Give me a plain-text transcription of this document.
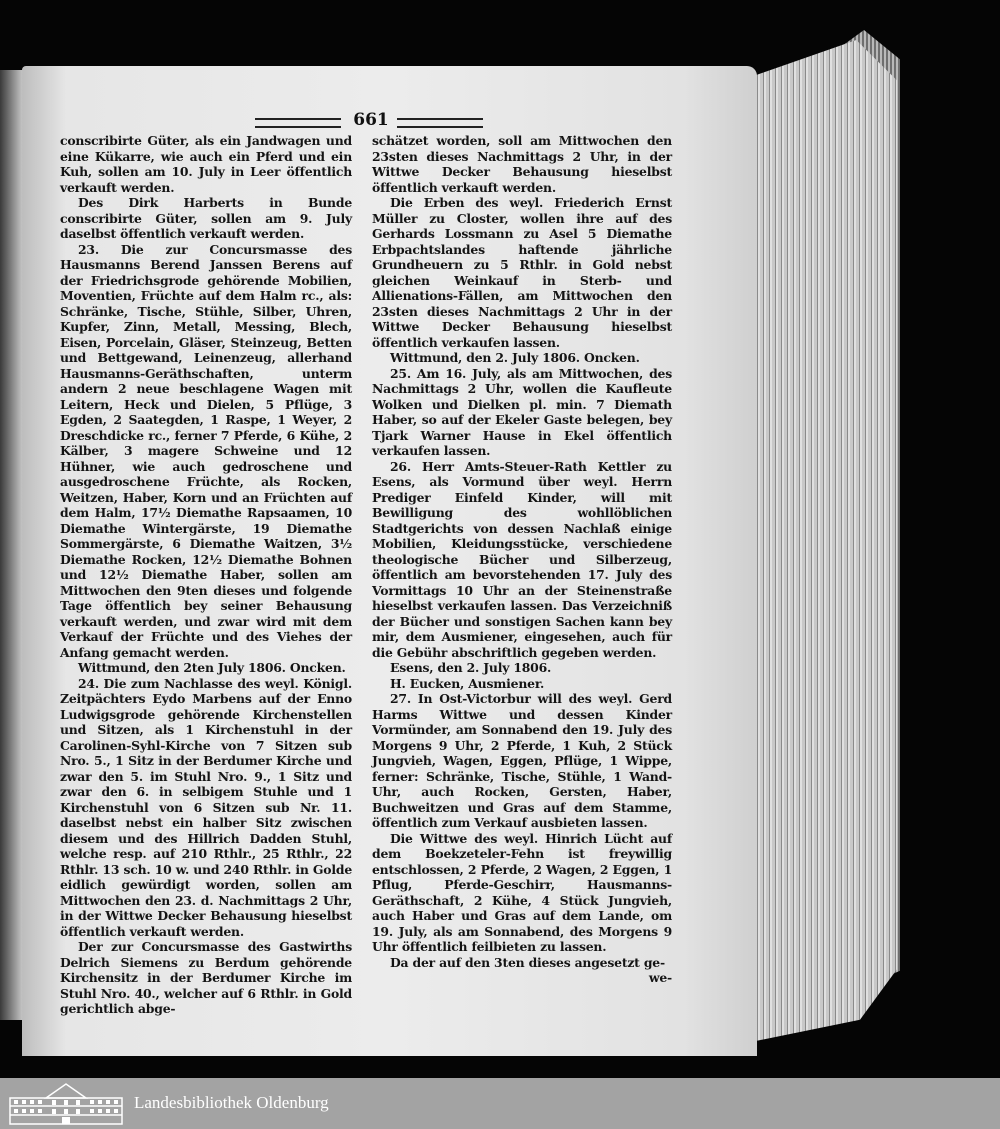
661

conscribirte Güter, als ein Jandwagen und eine Kükarre, wie auch ein Pferd und ein Kuh, sollen am 10. July in Leer öffentlich verkauft werden.

Des Dirk Harberts in Bunde conscribirte Güter, sollen am 9. July daselbst öffentlich verkauft werden.

23. Die zur Concursmasse des Hausmanns Berend Janssen Berens auf der Friedrichsgrode gehörende Mobilien, Moventien, Früchte auf dem Halm rc., als: Schränke, Tische, Stühle, Silber, Uhren, Kupfer, Zinn, Metall, Messing, Blech, Eisen, Porcelain, Gläser, Steinzeug, Betten und Bettgewand, Leinenzeug, allerhand Hausmanns-Geräthschaften, unterm andern 2 neue beschlagene Wagen mit Leitern, Heck und Dielen, 5 Pflüge, 3 Egden, 2 Saategden, 1 Raspe, 1 Weyer, 2 Dreschdicke rc., ferner 7 Pferde, 6 Kühe, 2 Kälber, 3 magere Schweine und 12 Hühner, wie auch gedroschene und ausgedroschene Früchte, als Rocken, Weitzen, Haber, Korn und an Früchten auf dem Halm, 17½ Diemathe Rapsaamen, 10 Diemathe Wintergärste, 19 Diemathe Sommergärste, 6 Diemathe Waitzen, 3½ Diemathe Rocken, 12½ Diemathe Bohnen und 12½ Diemathe Haber, sollen am Mittwochen den 9ten dieses und folgende Tage öffentlich bey seiner Behausung verkauft werden, und zwar wird mit dem Verkauf der Früchte und des Viehes der Anfang gemacht werden.

Wittmund, den 2ten July 1806. Oncken.

24. Die zum Nachlasse des weyl. Königl. Zeitpächters Eydo Marbens auf der Enno Ludwigsgrode gehörende Kirchenstellen und Sitzen, als 1 Kirchenstuhl in der Carolinen-Syhl-Kirche von 7 Sitzen sub Nro. 5., 1 Sitz in der Berdumer Kirche und zwar den 5. im Stuhl Nro. 9., 1 Sitz und zwar den 6. in selbigem Stuhle und 1 Kirchenstuhl von 6 Sitzen sub Nr. 11. daselbst nebst ein halber Sitz zwischen diesem und des Hillrich Dadden Stuhl, welche resp. auf 210 Rthlr., 25 Rthlr., 22 Rthlr. 13 sch. 10 w. und 240 Rthlr. in Golde eidlich gewürdigt worden, sollen am Mittwochen den 23. d. Nachmittags 2 Uhr, in der Wittwe Decker Behausung hieselbst öffentlich verkauft werden.

Der zur Concursmasse des Gastwirths Delrich Siemens zu Berdum gehörende Kirchensitz in der Berdumer Kirche im Stuhl Nro. 40., welcher auf 6 Rthlr. in Gold gerichtlich abge-

schätzet worden, soll am Mittwochen den 23sten dieses Nachmittags 2 Uhr, in der Wittwe Decker Behausung hieselbst öffentlich verkauft werden.

Die Erben des weyl. Friederich Ernst Müller zu Closter, wollen ihre auf des Gerhards Lossmann zu Asel 5 Diemathe Erbpachtslandes haftende jährliche Grundheuern zu 5 Rthlr. in Gold nebst gleichen Weinkauf in Sterb- und Allienations-Fällen, am Mittwochen den 23sten dieses Nachmittags 2 Uhr in der Wittwe Decker Behausung hieselbst öffentlich verkaufen lassen.

Wittmund, den 2. July 1806. Oncken.

25. Am 16. July, als am Mittwochen, des Nachmittags 2 Uhr, wollen die Kaufleute Wolken und Dielken pl. min. 7 Diemath Haber, so auf der Ekeler Gaste belegen, bey Tjark Warner Hause in Ekel öffentlich verkaufen lassen.

26. Herr Amts-Steuer-Rath Kettler zu Esens, als Vormund über weyl. Herrn Prediger Einfeld Kinder, will mit Bewilligung des wohllöblichen Stadtgerichts von dessen Nachlaß einige Mobilien, Kleidungsstücke, verschiedene theologische Bücher und Silberzeug, öffentlich am bevorstehenden 17. July des Vormittags 10 Uhr an der Steinenstraße hieselbst verkaufen lassen. Das Verzeichniß der Bücher und sonstigen Sachen kann bey mir, dem Ausmiener, eingesehen, auch für die Gebühr abschriftlich gegeben werden.

Esens, den 2. July 1806.

H. Eucken, Ausmiener.

27. In Ost-Victorbur will des weyl. Gerd Harms Wittwe und dessen Kinder Vormünder, am Sonnabend den 19. July des Morgens 9 Uhr, 2 Pferde, 1 Kuh, 2 Stück Jungvieh, Wagen, Eggen, Pflüge, 1 Wippe, ferner: Schränke, Tische, Stühle, 1 Wand-Uhr, auch Rocken, Gersten, Haber, Buchweitzen und Gras auf dem Stamme, öffentlich zum Verkauf ausbieten lassen.

Die Wittwe des weyl. Hinrich Lücht auf dem Boekzeteler-Fehn ist freywillig entschlossen, 2 Pferde, 2 Wagen, 2 Eggen, 1 Pflug, Pferde-Geschirr, Hausmanns-Geräthschaft, 2 Kühe, 4 Stück Jungvieh, auch Haber und Gras auf dem Lande, om 19. July, als am Sonnabend, des Morgens 9 Uhr öffentlich feilbieten zu lassen.

Da der auf den 3ten dieses angesetzt ge-

we-

Landesbibliothek Oldenburg
